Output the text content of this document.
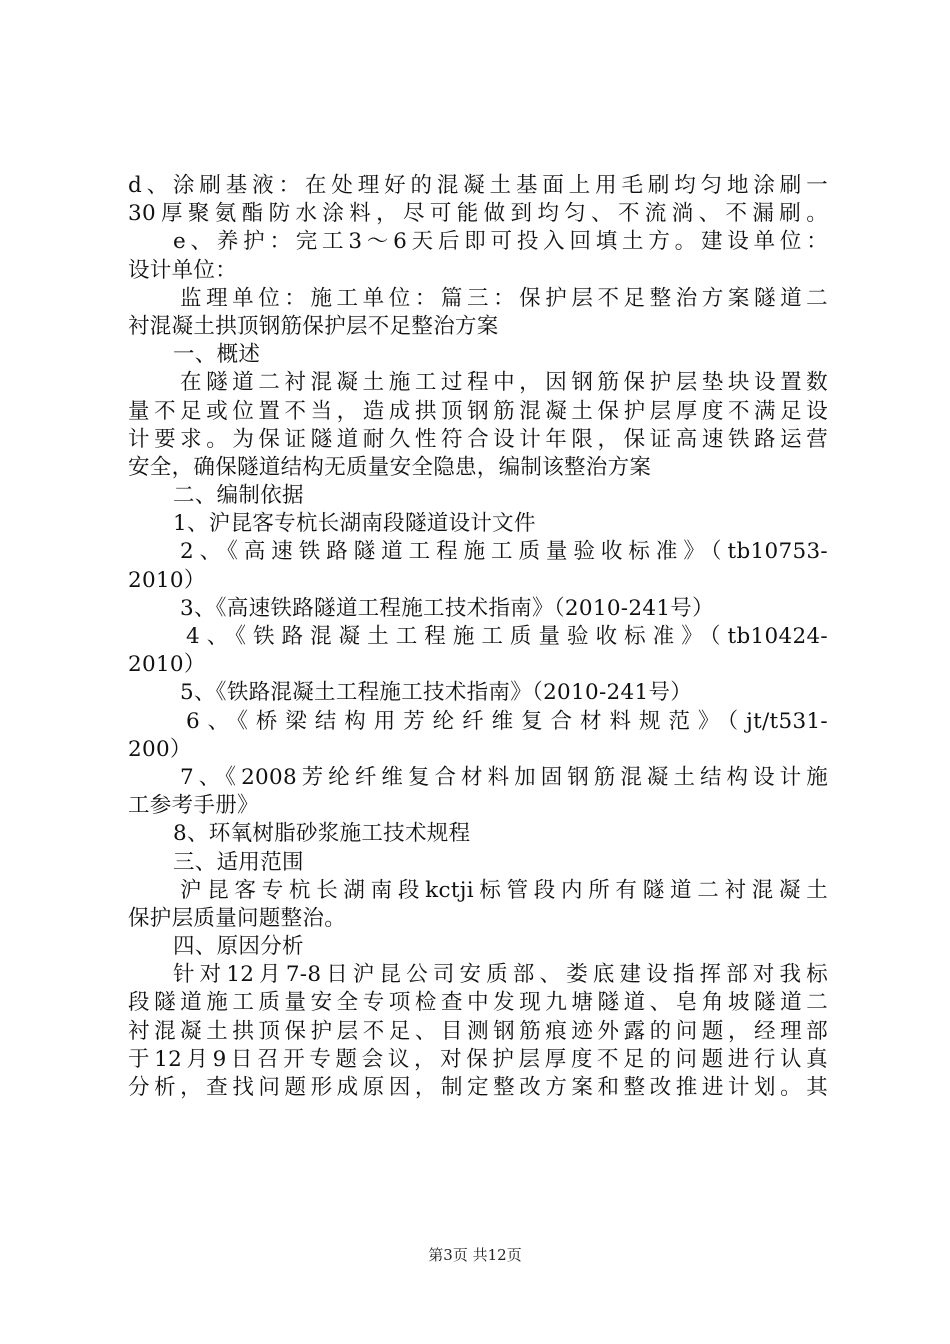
d、涂刷基液：在处理好的混凝土基面上用毛刷均匀地涂刷一
30厚聚氨酯防水涂料，尽可能做到均匀、不流淌、不漏刷。
e、养护：完工3～6天后即可投入回填土方。建设单位：
设计单位：
监理单位：施工单位：篇三：保护层不足整治方案隧道二
衬混凝土拱顶钢筋保护层不足整治方案
一、概述
在隧道二衬混凝土施工过程中，因钢筋保护层垫块设置数
量不足或位置不当，造成拱顶钢筋混凝土保护层厚度不满足设
计要求。为保证隧道耐久性符合设计年限，保证高速铁路运营
安全，确保隧道结构无质量安全隐患，编制该整治方案
二、编制依据
1、沪昆客专杭长湖南段隧道设计文件
2、《高速铁路隧道工程施工质量验收标准》（tb10753-
2010）
3、《高速铁路隧道工程施工技术指南》（2010-241号）
4、《铁路混凝土工程施工质量验收标准》（tb10424-
2010）
5、《铁路混凝土工程施工技术指南》（2010-241号）
6、《桥梁结构用芳纶纤维复合材料规范》（jt/t531-
200）
7、《2008芳纶纤维复合材料加固钢筋混凝土结构设计施
工参考手册》
8、环氧树脂砂浆施工技术规程
三、适用范围
沪昆客专杭长湖南段kctji标管段内所有隧道二衬混凝土
保护层质量问题整治。
四、原因分析
针对12月7-8日沪昆公司安质部、娄底建设指挥部对我标
段隧道施工质量安全专项检查中发现九塘隧道、皂角坡隧道二
衬混凝土拱顶保护层不足、目测钢筋痕迹外露的问题，经理部
于12月9日召开专题会议，对保护层厚度不足的问题进行认真
分析，查找问题形成原因，制定整改方案和整改推进计划。其
第3页 共12页
